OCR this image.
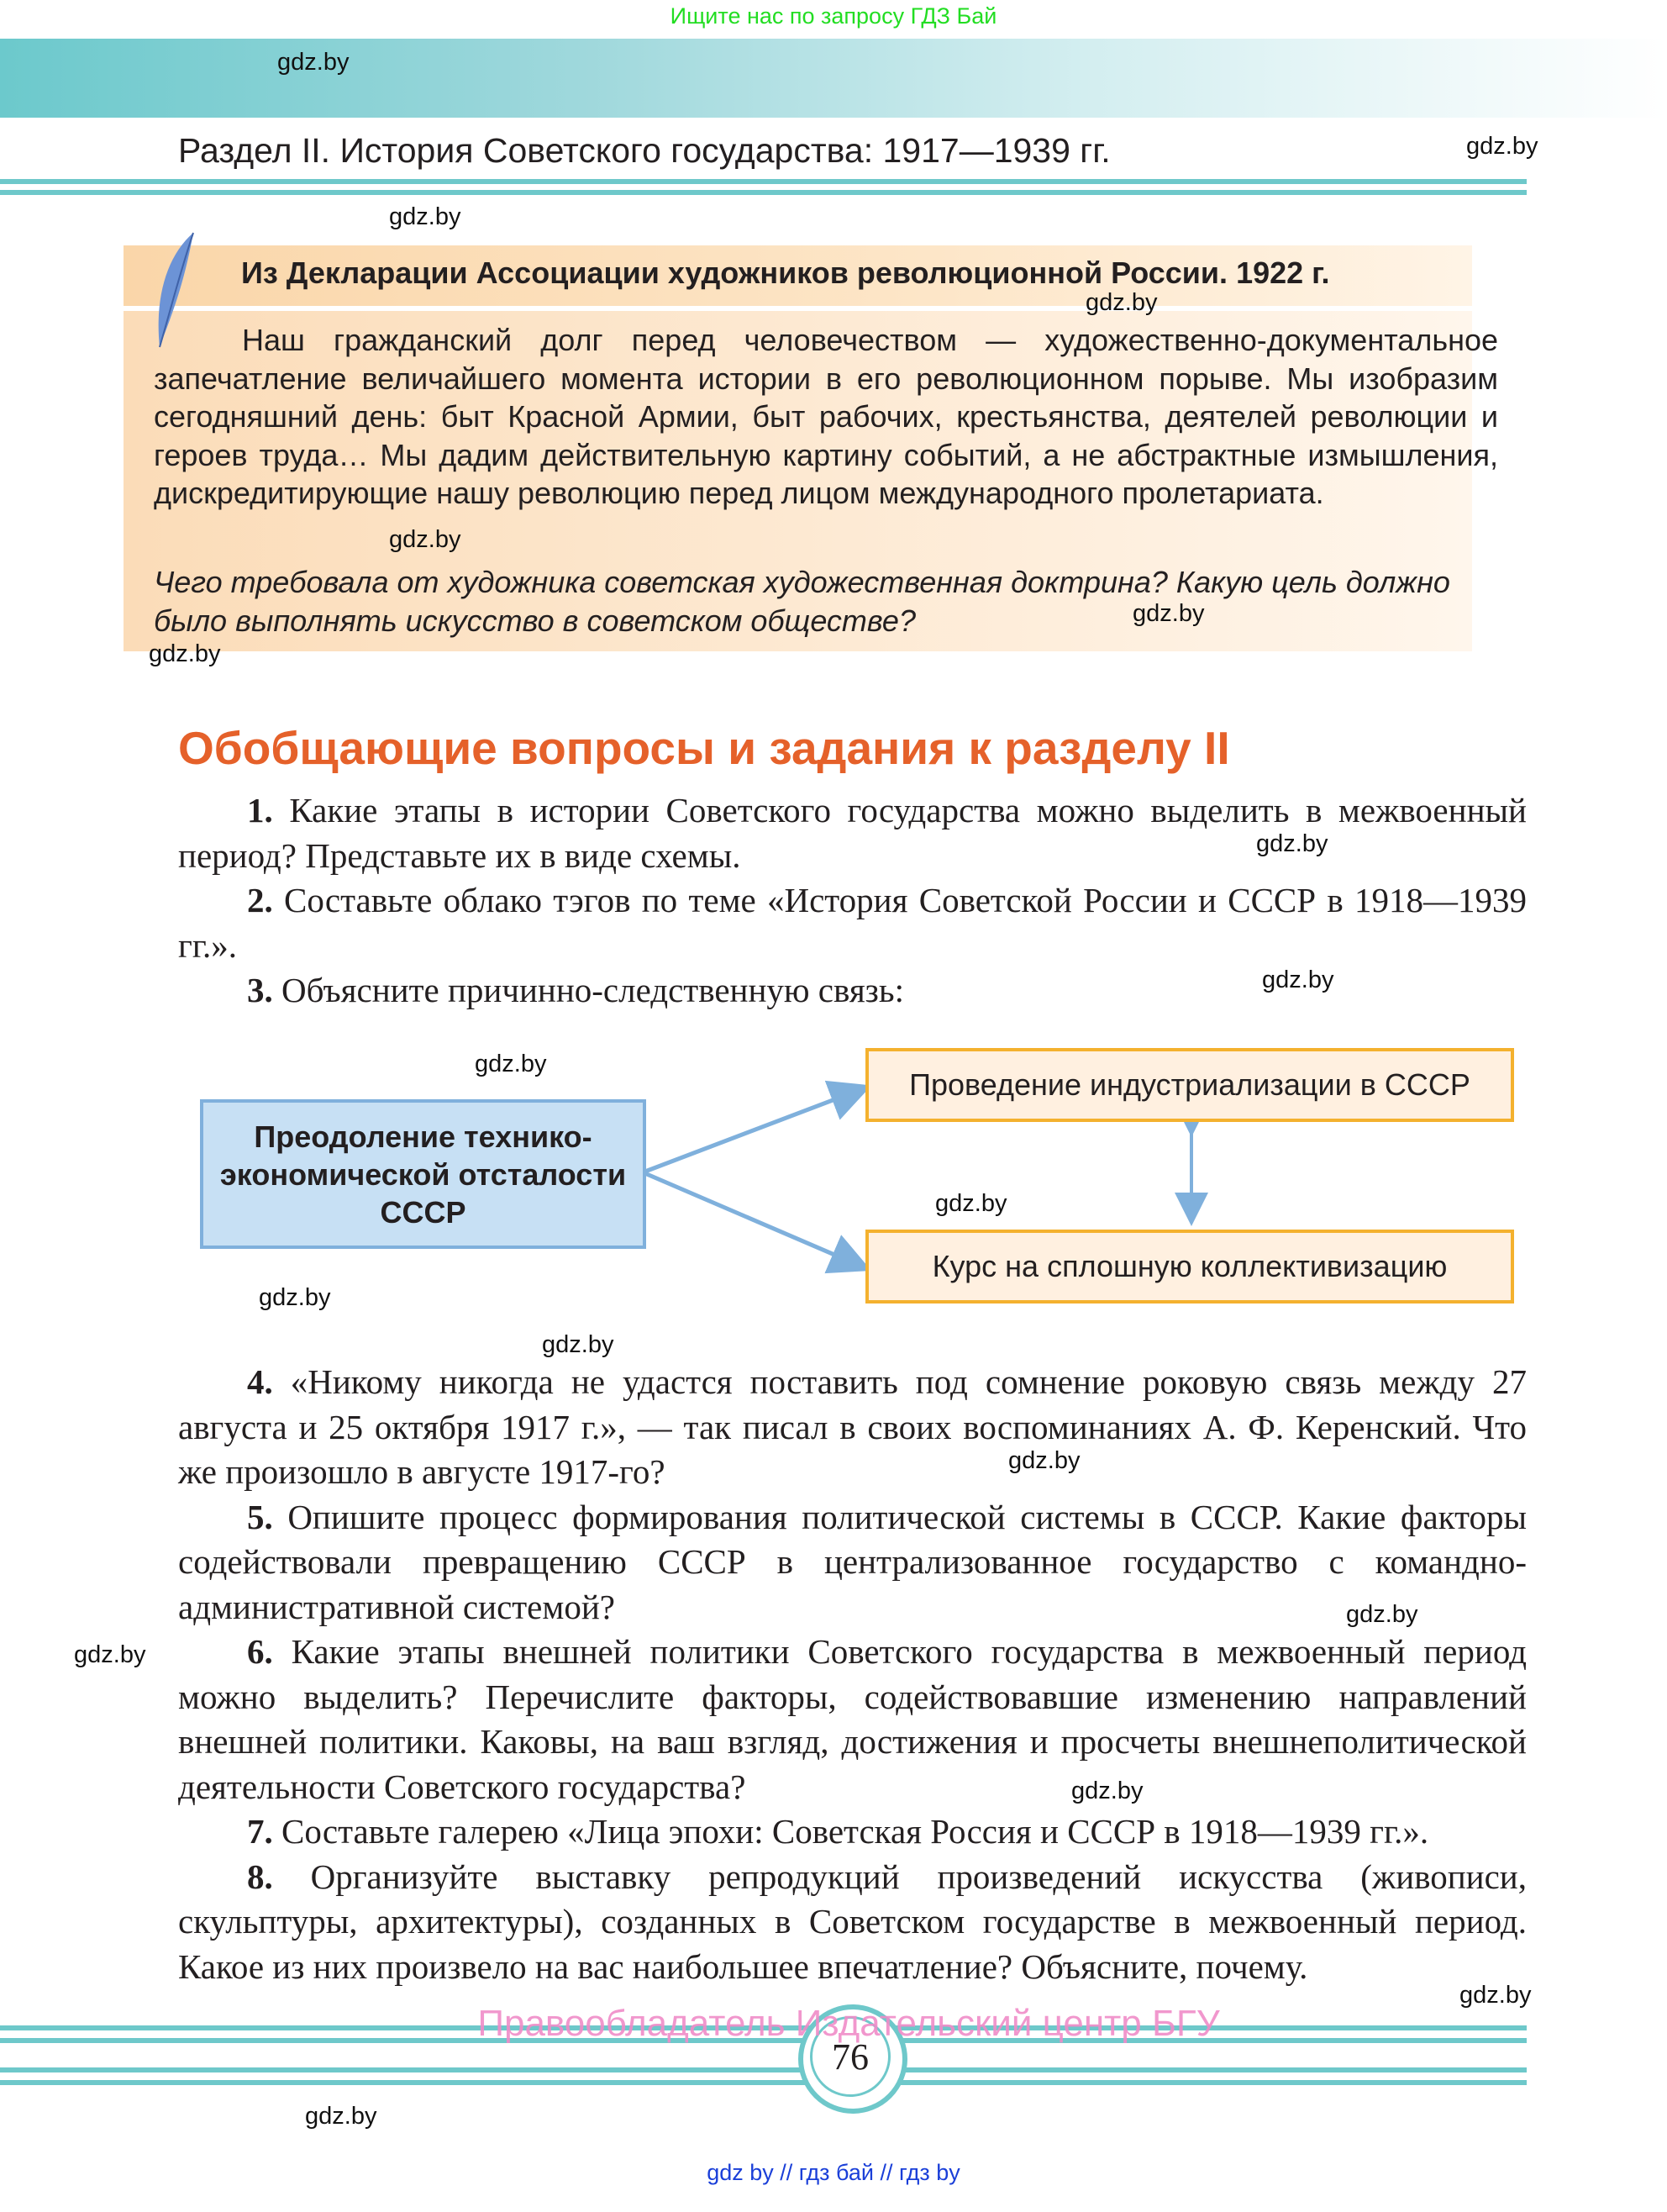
Ищите нас по запросу ГДЗ Бай
Раздел II. История Советского государства: 1917—1939 гг.
Из Декларации Ассоциации художников революционной России. 1922 г.
Наш гражданский долг перед человечеством — художественно-документальное запечатление величайшего момента истории в его революционном порыве. Мы изобразим сегодняшний день: быт Красной Армии, быт рабочих, крестьянства, деятелей революции и героев труда… Мы дадим действительную картину событий, а не абстрактные измышления, дискредитирующие нашу революцию перед лицом международного пролетариата.
Чего требовала от художника советская художественная доктрина? Какую цель должно было выполнять искусство в советском обществе?
Обобщающие вопросы и задания к разделу II

1. Какие этапы в истории Советского государства можно выделить в межвоенный период? Представьте их в виде схемы.

2. Составьте облако тэгов по теме «История Советской России и СССР в 1918—1939 гг.».

3. Объясните причинно-следственную связь:

Преодоление технико-экономической отсталости СССР
Проведение индустриализации в СССР
Курс на сплошную коллективизацию

4. «Никому никогда не удастся поставить под сомнение роковую связь между 27 августа и 25 октября 1917 г.», — так писал в своих воспоминаниях А. Ф. Керенский. Что же произошло в августе 1917-го?

5. Опишите процесс формирования политической системы в СССР. Какие факторы содействовали превращению СССР в централизованное государство с командно-административной системой?

6. Какие этапы внешней политики Советского государства в межвоенный период можно выделить? Перечислите факторы, содействовавшие изменению направлений внешней политики. Каковы, на ваш взгляд, достижения и просчеты внешнеполитической деятельности Советского государства?

7. Составьте галерею «Лица эпохи: Советская Россия и СССР в 1918—1939 гг.».

8. Организуйте выставку репродукций произведений искусства (живописи, скульптуры, архитектуры), созданных в Советском государстве в межвоенный период. Какое из них произвело на вас наибольшее впечатление? Объясните, почему.

76
Правообладатель Издательский центр БГУ
gdz by // гдз бай // гдз by
gdz.by
gdz.by
gdz.by
gdz.by
gdz.by
gdz.by
gdz.by
gdz.by
gdz.by
gdz.by
gdz.by
gdz.by
gdz.by
gdz.by
gdz.by
gdz.by
gdz.by
gdz.by
gdz.by
